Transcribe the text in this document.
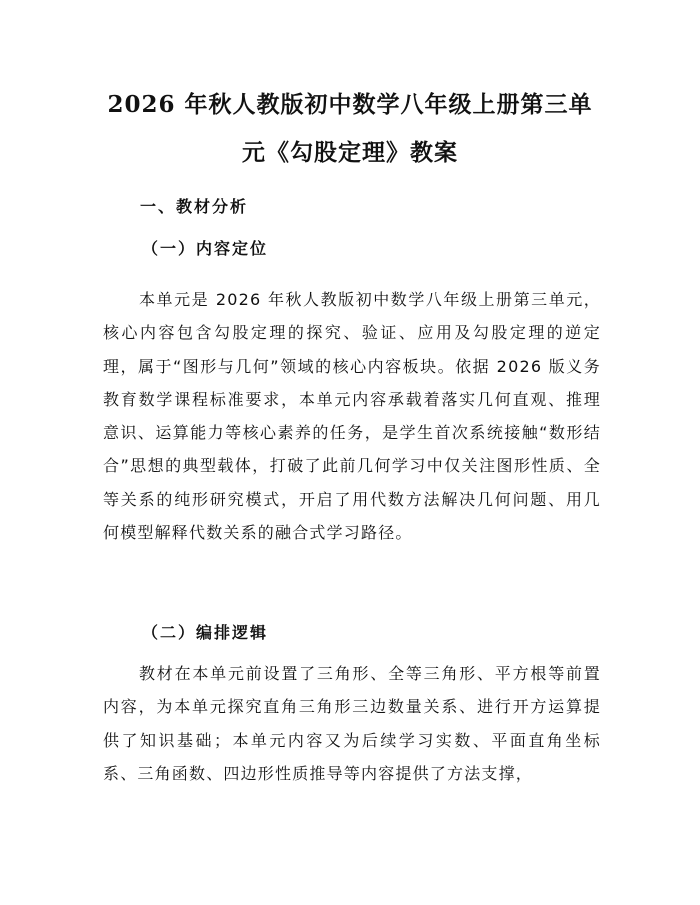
2026 年秋人教版初中数学八年级上册第三单
元《勾股定理》教案
一、教材分析
（一）内容定位

本单元是 2026 年秋人教版初中数学八年级上册第三单元，核心内容包含勾股定理的探究、验证、应用及勾股定理的逆定理，属于“图形与几何”领域的核心内容板块。依据 2026 版义务教育数学课程标准要求，本单元内容承载着落实几何直观、推理意识、运算能力等核心素养的任务，是学生首次系统接触“数形结合”思想的典型载体，打破了此前几何学习中仅关注图形性质、全等关系的纯形研究模式，开启了用代数方法解决几何问题、用几何模型解释代数关系的融合式学习路径。

（二）编排逻辑

教材在本单元前设置了三角形、全等三角形、平方根等前置内容，为本单元探究直角三角形三边数量关系、进行开方运算提供了知识基础；本单元内容又为后续学习实数、平面直角坐标系、三角函数、四边形性质推导等内容提供了方法支撑，
